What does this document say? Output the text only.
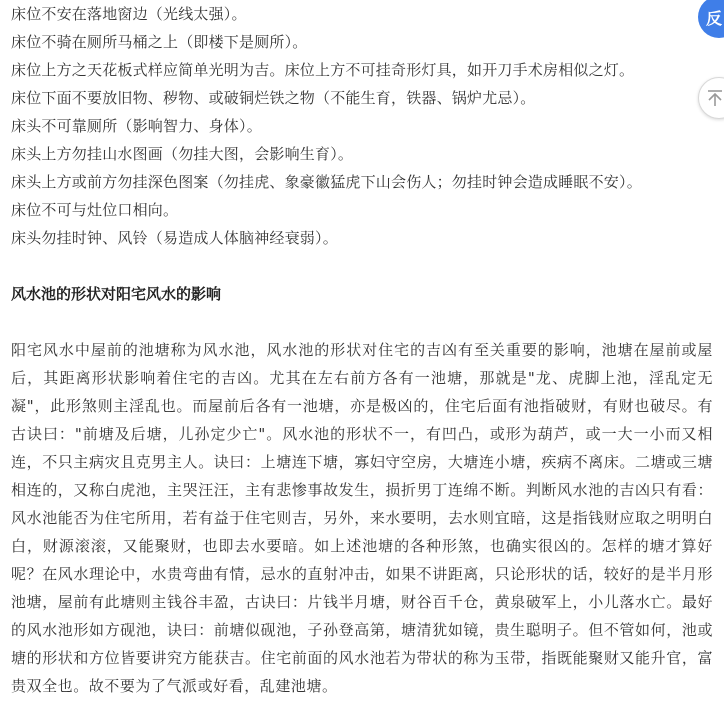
床位不安在落地窗边（光线太强）。
床位不骑在厕所马桶之上（即楼下是厕所）。
床位上方之天花板式样应简单光明为吉。床位上方不可挂奇形灯具，如开刀手术房相似之灯。
床位下面不要放旧物、秽物、或破铜烂铁之物（不能生育，铁器、锅炉尤忌）。
床头不可靠厕所（影响智力、身体）。
床头上方勿挂山水图画（勿挂大图，会影响生育）。
床头上方或前方勿挂深色图案（勿挂虎、象豪徽猛虎下山会伤人；勿挂时钟会造成睡眠不安）。
床位不可与灶位口相向。
床头勿挂时钟、风铃（易造成人体脑神经衰弱）。
风水池的形状对阳宅风水的影响

阳宅风水中屋前的池塘称为风水池，风水池的形状对住宅的吉凶有至关重要的影响，池塘在屋前或屋后，其距离形状影响着住宅的吉凶。尤其在左右前方各有一池塘，那就是"龙、虎脚上池，淫乱定无凝"，此形煞则主淫乱也。而屋前后各有一池塘，亦是极凶的，住宅后面有池指破财，有财也破尽。有古诀曰："前塘及后塘，儿孙定少亡"。风水池的形状不一，有凹凸，或形为葫芦，或一大一小而又相连，不只主病灾且克男主人。诀曰：上塘连下塘，寡妇守空房，大塘连小塘，疾病不离床。二塘或三塘相连的，又称白虎池，主哭汪汪，主有悲惨事故发生，损折男丁连绵不断。判断风水池的吉凶只有看：风水池能否为住宅所用，若有益于住宅则吉，另外，来水要明，去水则宜暗，这是指钱财应取之明明白白，财源滚滚，又能聚财，也即去水要暗。如上述池塘的各种形煞，也确实很凶的。怎样的塘才算好呢？在风水理论中，水贵弯曲有情，忌水的直射冲击，如果不讲距离，只论形状的话，较好的是半月形池塘，屋前有此塘则主钱谷丰盈，古诀曰：片钱半月塘，财谷百千仓，黄泉破军上，小儿落水亡。最好的风水池形如方砚池，诀曰：前塘似砚池，子孙登高第，塘清犹如镜，贵生聪明子。但不管如何，池或塘的形状和方位皆要讲究方能获吉。住宅前面的风水池若为带状的称为玉带，指既能聚财又能升官，富贵双全也。故不要为了气派或好看，乱建池塘。

反
